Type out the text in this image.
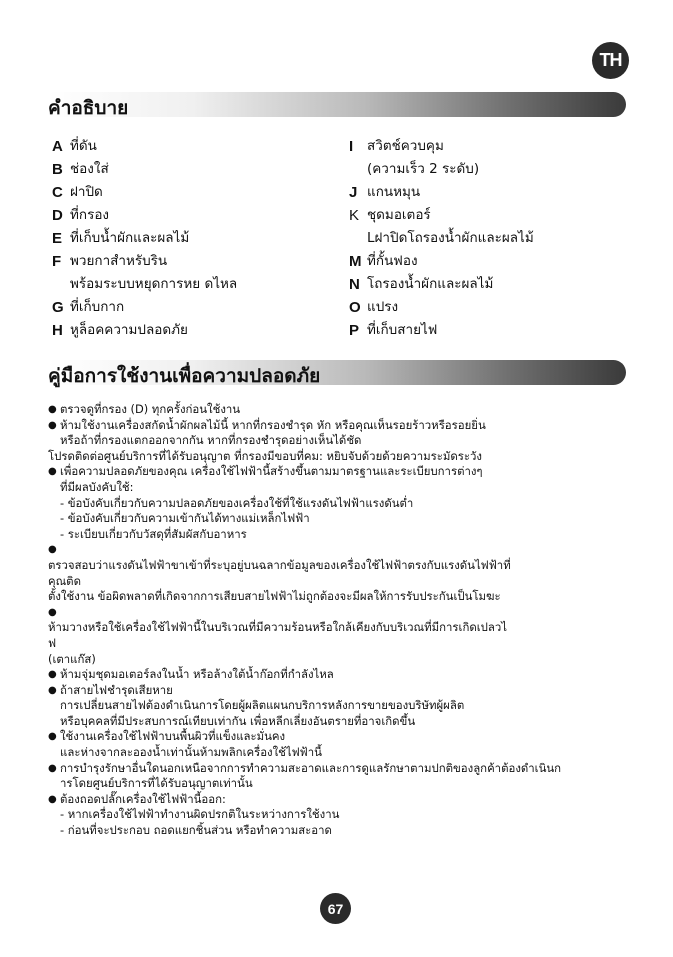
TH
คำอธิบาย
A ที่ดัน
B ช่องใส่
C ฝาปิด
D ที่กรอง
E ที่เก็บน้ำผักและผลไม้
F พวยกาสำหรับริน
พร้อมระบบหยุดการหย ดไหล
G ที่เก็บกาก
H หูล็อคความปลอดภัย
I	สวิตช์ควบคุม
(ความเร็ว 2 ระดับ)
J แกนหมุน
K ชุดมอเตอร์
Lฝาปิดโถรองน้ำผักและผลไม้
M ที่กั้นฟอง
N โถรองน้ำผักและผลไม้
O แปรง
P ที่เก็บสายไฟ
คู่มือการใช้งานเพื่อความปลอดภัย
● ตรวจดูที่กรอง (D) ทุกครั้งก่อนใช้งาน
● ห้ามใช้งานเครื่องสกัดน้ำผักผลไม้นี้ หากที่กรองชำรุด หัก หรือคุณเห็นรอยร้าวหรือรอยยิ่น
หรือถ้าที่กรองแตกออกจากกัน หากที่กรองชำรุดอย่างเห็นได้ชัด
โปรดติดต่อศูนย์บริการที่ได้รับอนุญาต ที่กรองมีขอบที่คม: หยิบจับด้วยด้วยความระมัดระวัง
● เพื่อความปลอดภัยของคุณ เครื่องใช้ไฟฟ้านี้สร้างขึ้นตามมาตรฐานและระเบียบการต่างๆ
ที่มีผลบังคับใช้:
- ข้อบังคับเกี่ยวกับความปลอดภัยของเครื่องใช้ที่ใช้แรงดันไฟฟ้าแรงดันต่ำ
- ข้อบังคับเกี่ยวกับความเข้ากันได้ทางแม่เหล็กไฟฟ้า
- ระเบียบเกี่ยวกับวัสดุที่สัมผัสกับอาหาร
●
ตรวจสอบว่าแรงดันไฟฟ้าขาเข้าที่ระบุอยู่บนฉลากข้อมูลของเครื่องใช้ไฟฟ้าตรงกับแรงดันไฟฟ้าที่
คุณติด
ตั้งใช้งาน ข้อผิดพลาดที่เกิดจากการเสียบสายไฟฟ้าไม่ถูกต้องจะมีผลให้การรับประกันเป็นโมฆะ
●
ห้ามวางหรือใช้เครื่องใช้ไฟฟ้านี้ในบริเวณที่มีความร้อนหรือใกล้เคียงกับบริเวณที่มีการเกิดเปลวไ
ฟ
(เตาแก๊ส)
● ห้ามจุ่มชุดมอเตอร์ลงในน้ำ หรือล้างใต้น้ำก๊อกที่กำลังไหล
● ถ้าสายไฟชำรุดเสียหาย
การเปลี่ยนสายไฟต้องดำเนินการโดยผู้ผลิตแผนกบริการหลังการขายของบริษัทผู้ผลิต
หรือบุคคลที่มีประสบการณ์เทียบเท่ากัน เพื่อหลีกเลี่ยงอันตรายที่อาจเกิดขึ้น
● ใช้งานเครื่องใช้ไฟฟ้าบนพื้นผิวที่แข็งและมั่นคง
และห่างจากละอองน้ำเท่านั้นห้ามพลิกเครื่องใช้ไฟฟ้านี้
● การบำรุงรักษาอื่นใดนอกเหนือจากการทำความสะอาดและการดูแลรักษาตามปกติของลูกค้าต้องดำเนินก
ารโดยศูนย์บริการที่ได้รับอนุญาตเท่านั้น
● ต้องถอดปลั๊กเครื่องใช้ไฟฟ้านี้ออก:
- หากเครื่องใช้ไฟฟ้าทำงานผิดปรกติในระหว่างการใช้งาน
- ก่อนที่จะประกอบ ถอดแยกชิ้นส่วน หรือทำความสะอาด
67
